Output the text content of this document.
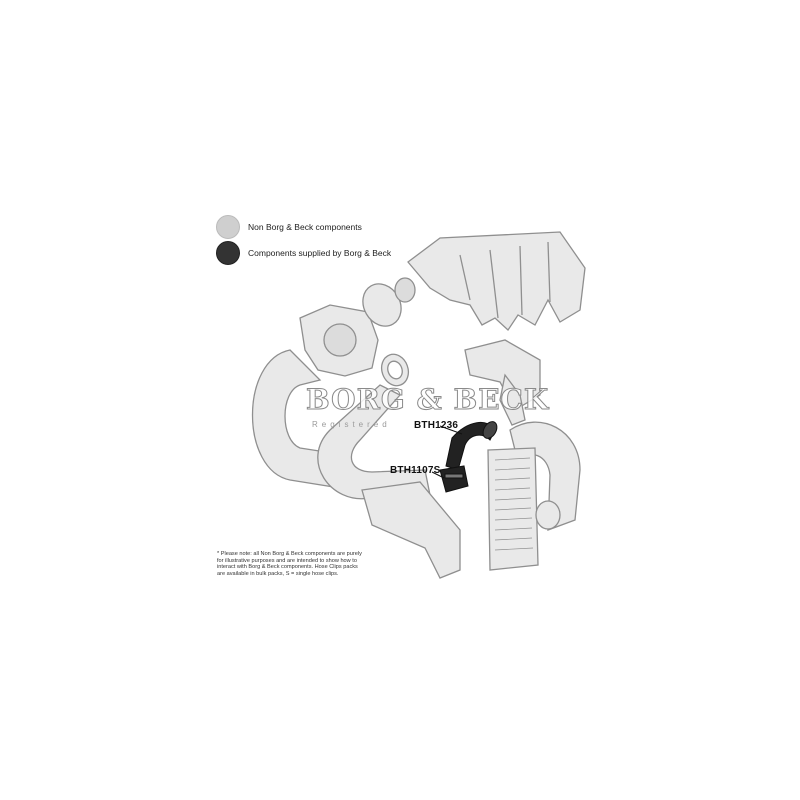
BORG & BECK
Registered
Non Borg & Beck components
Components supplied by Borg & Beck
BTH1236
BTH1107S
* Please note: all Non Borg & Beck components are purely for illustrative purposes and are intended to show how to interact with Borg & Beck components. Hose Clips packs are available in bulk packs, S = single hose clips.
